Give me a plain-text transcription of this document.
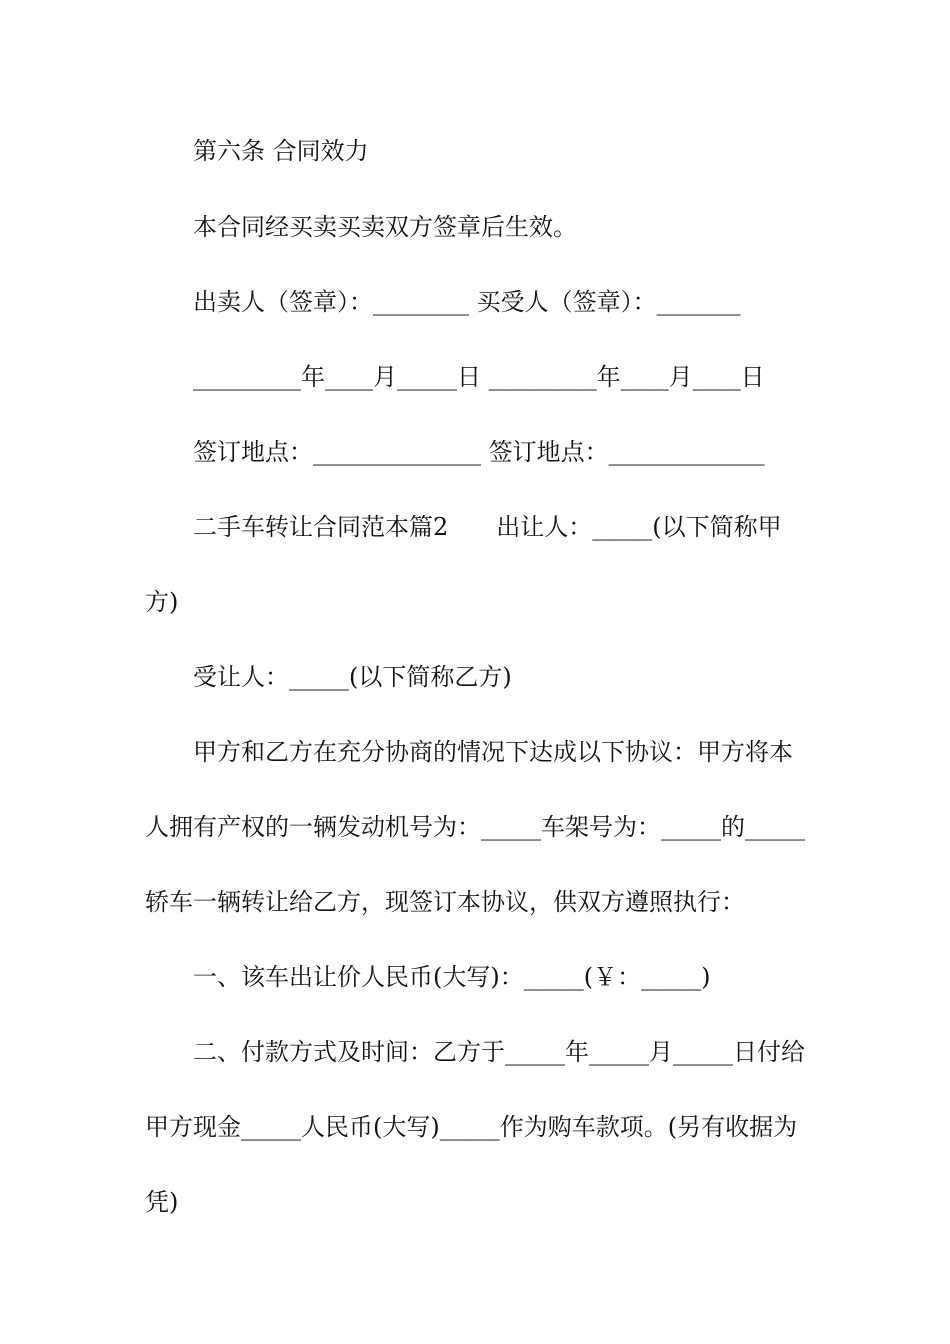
第六条 合同效力
本合同经买卖买卖双方签章后生效。
出卖人（签章）：________ 买受人（签章）：_______
_________年____月_____日 _________年____月____日
签订地点：______________ 签订地点：_____________
二手车转让合同范本篇2　　出让人：_____(以下简称甲
方)
受让人：_____(以下简称乙方)
甲方和乙方在充分协商的情况下达成以下协议：甲方将本
人拥有产权的一辆发动机号为：_____车架号为：_____的_____
轿车一辆转让给乙方，现签订本协议，供双方遵照执行：
一、该车出让价人民币(大写)：_____(￥：_____)
二、付款方式及时间：乙方于_____年_____月_____日付给
甲方现金_____人民币(大写)_____作为购车款项。(另有收据为
凭)
